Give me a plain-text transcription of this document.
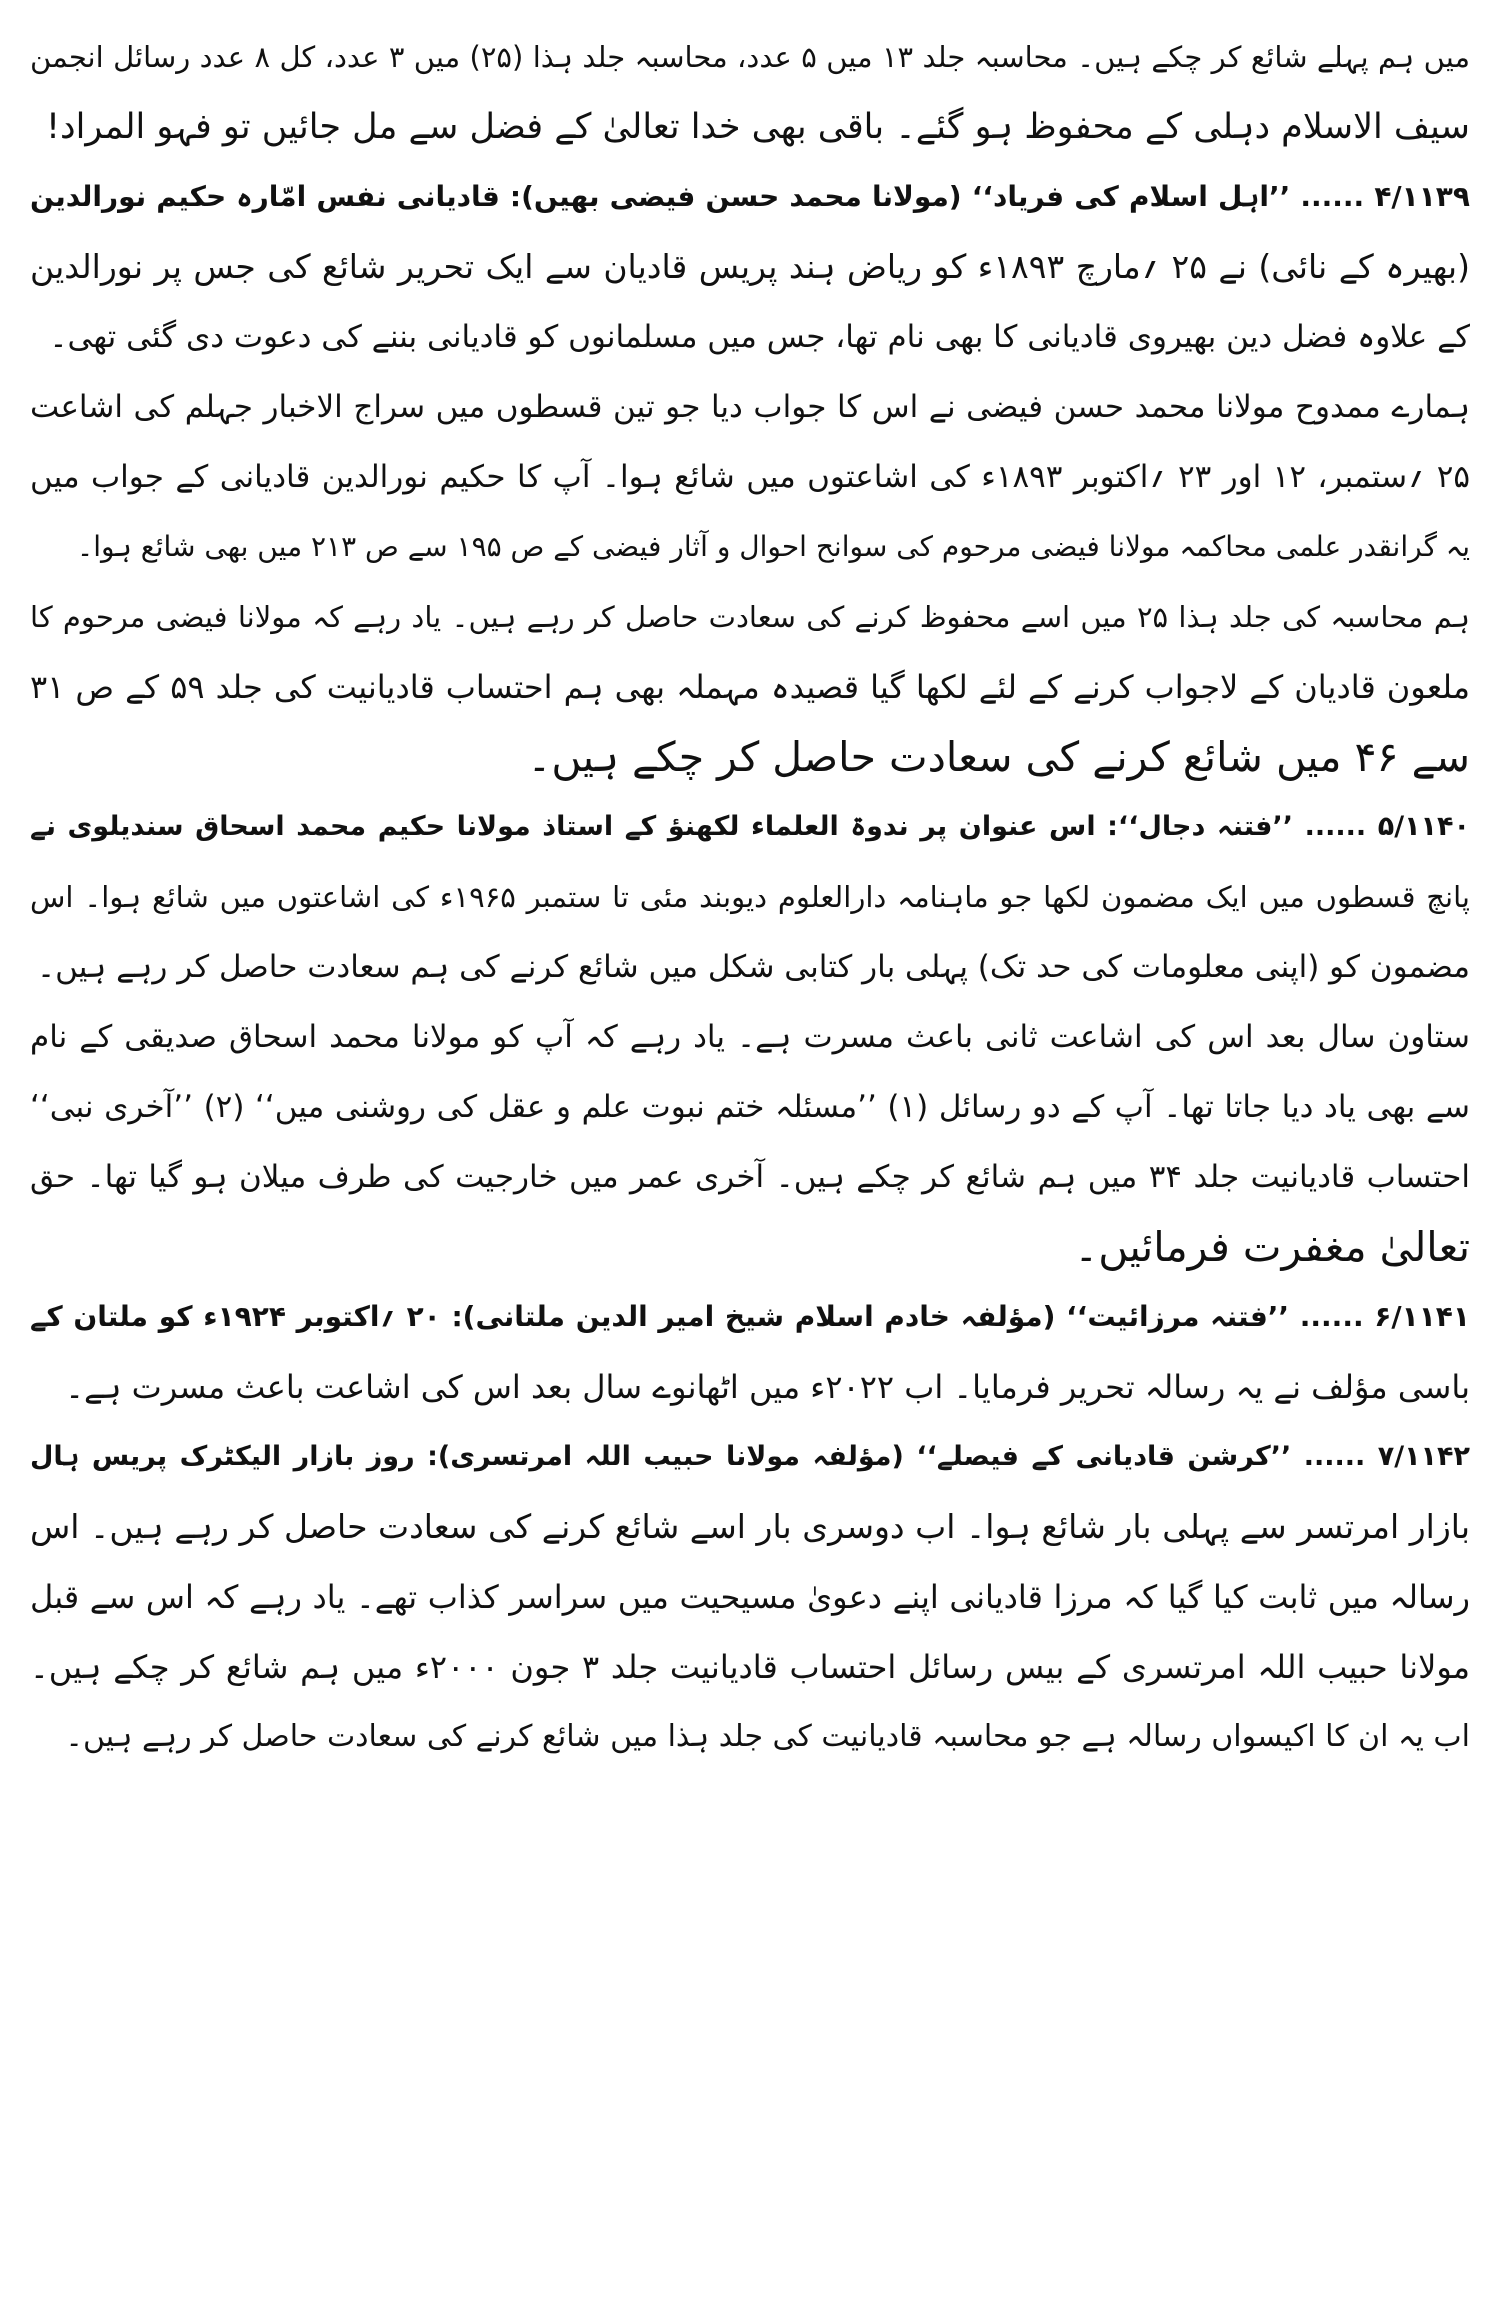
میں ہم پہلے شائع کر چکے ہیں۔ محاسبہ جلد ۱۳ میں ۵ عدد، محاسبہ جلد ہذا (۲۵) میں ۳ عدد، کل ۸ عدد رسائل انجمن
سیف الاسلام دہلی کے محفوظ ہو گئے۔ باقی بھی خدا تعالیٰ کے فضل سے مل جائیں تو فہو المراد!
۴/۱۱۳۹ ...... ’’اہل اسلام کی فریاد‘‘ (مولانا محمد حسن فیضی بھیں): قادیانی نفس امّارہ حکیم نورالدین
(بھیرہ کے نائی) نے ۲۵ ؍مارچ ۱۸۹۳ء کو ریاض ہند پریس قادیان سے ایک تحریر شائع کی جس پر نورالدین
کے علاوہ فضل دین بھیروی قادیانی کا بھی نام تھا، جس میں مسلمانوں کو قادیانی بننے کی دعوت دی گئی تھی۔
ہمارے ممدوح مولانا محمد حسن فیضی نے اس کا جواب دیا جو تین قسطوں میں سراج الاخبار جہلم کی اشاعت
۲۵ ؍ستمبر، ۱۲ اور ۲۳ ؍اکتوبر ۱۸۹۳ء کی اشاعتوں میں شائع ہوا۔ آپ کا حکیم نورالدین قادیانی کے جواب میں
یہ گرانقدر علمی محاکمہ مولانا فیضی مرحوم کی سوانح احوال و آثار فیضی کے ص ۱۹۵ سے ص ۲۱۳ میں بھی شائع ہوا۔
ہم محاسبہ کی جلد ہذا ۲۵ میں اسے محفوظ کرنے کی سعادت حاصل کر رہے ہیں۔ یاد رہے کہ مولانا فیضی مرحوم کا
ملعون قادیان کے لاجواب کرنے کے لئے لکھا گیا قصیدہ مہملہ بھی ہم احتساب قادیانیت کی جلد ۵۹ کے ص ۳۱
سے ۴۶ میں شائع کرنے کی سعادت حاصل کر چکے ہیں۔
۵/۱۱۴۰ ...... ’’فتنہ دجال‘‘: اس عنوان پر ندوۃ العلماء لکھنؤ کے استاذ مولانا حکیم محمد اسحاق سندیلوی نے
پانچ قسطوں میں ایک مضمون لکھا جو ماہنامہ دارالعلوم دیوبند مئی تا ستمبر ۱۹۶۵ء کی اشاعتوں میں شائع ہوا۔ اس
مضمون کو (اپنی معلومات کی حد تک) پہلی بار کتابی شکل میں شائع کرنے کی ہم سعادت حاصل کر رہے ہیں۔
ستاون سال بعد اس کی اشاعت ثانی باعث مسرت ہے۔ یاد رہے کہ آپ کو مولانا محمد اسحاق صدیقی کے نام
سے بھی یاد دیا جاتا تھا۔ آپ کے دو رسائل (۱) ’’مسئلہ ختم نبوت علم و عقل کی روشنی میں‘‘ (۲) ’’آخری نبی‘‘
احتساب قادیانیت جلد ۳۴ میں ہم شائع کر چکے ہیں۔ آخری عمر میں خارجیت کی طرف میلان ہو گیا تھا۔ حق
تعالیٰ مغفرت فرمائیں۔
۶/۱۱۴۱ ...... ’’فتنہ مرزائیت‘‘ (مؤلفہ خادم اسلام شیخ امیر الدین ملتانی): ۲۰ ؍اکتوبر ۱۹۲۴ء کو ملتان کے
باسی مؤلف نے یہ رسالہ تحریر فرمایا۔ اب ۲۰۲۲ء میں اٹھانوے سال بعد اس کی اشاعت باعث مسرت ہے۔
۷/۱۱۴۲ ...... ’’کرشن قادیانی کے فیصلے‘‘ (مؤلفہ مولانا حبیب اللہ امرتسری): روز بازار الیکٹرک پریس ہال
بازار امرتسر سے پہلی بار شائع ہوا۔ اب دوسری بار اسے شائع کرنے کی سعادت حاصل کر رہے ہیں۔ اس
رسالہ میں ثابت کیا گیا کہ مرزا قادیانی اپنے دعویٰ مسیحیت میں سراسر کذاب تھے۔ یاد رہے کہ اس سے قبل
مولانا حبیب اللہ امرتسری کے بیس رسائل احتساب قادیانیت جلد ۳ جون ۲۰۰۰ء میں ہم شائع کر چکے ہیں۔
اب یہ ان کا اکیسواں رسالہ ہے جو محاسبہ قادیانیت کی جلد ہذا میں شائع کرنے کی سعادت حاصل کر رہے ہیں۔
